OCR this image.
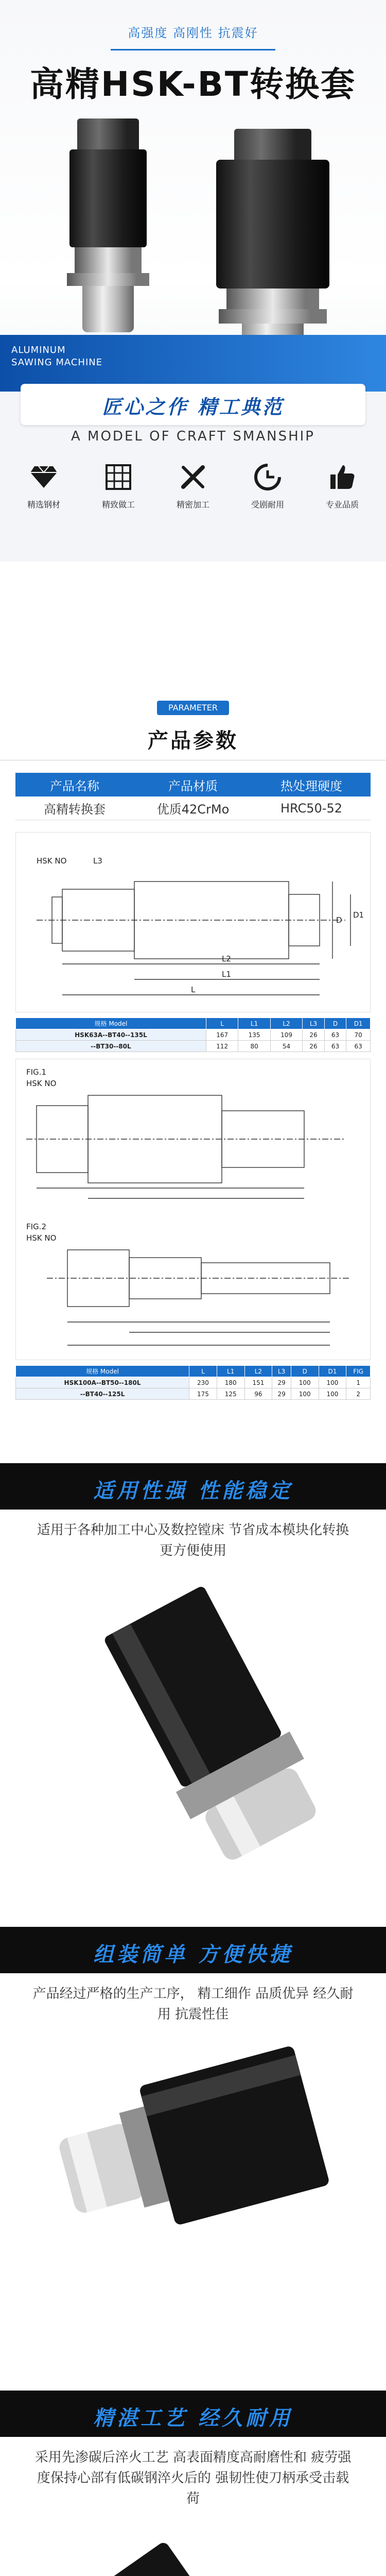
高强度 高刚性 抗震好
高精HSK-BT转换套
ALUMINUM
SAWING MACHINE
匠心之作 精工典范
A MODEL OF CRAFT SMANSHIP
精选钢材	精致做工	精密加工	受剧耐用	专业品质
PARAMETER
产品参数
产品名称	产品材质	热处理硬度
高精转换套	优质42CrMo	HRC50-52
HSK NO	L3
L2
L1
L
D
D1
规格 Model	L	L1	L2	L3	D	D1
HSK63A--BT40--135L	167	135	109	26	63	70
--BT30--80L	112	80	54	26	63	63
FIG.1
HSK NO
FIG.2
HSK NO
规格 Model	L	L1	L2	L3	D	D1	FIG
HSK100A--BT50--180L	230	180	151	29	100	100	1
--BT40--125L	175	125	96	29	100	100	2
适用性强 性能稳定
适用于各种加工中心及数控镗床 节省成本模块化转换更方便使用
组装简单 方便快捷
产品经过严格的生产工序， 精工细作 品质优异 经久耐用 抗震性佳
精湛工艺 经久耐用
采用先渗碳后淬火工艺 高表面精度高耐磨性和 疲劳强度保持心部有低碳钢淬火后的 强韧性使刀柄承受击载荷
